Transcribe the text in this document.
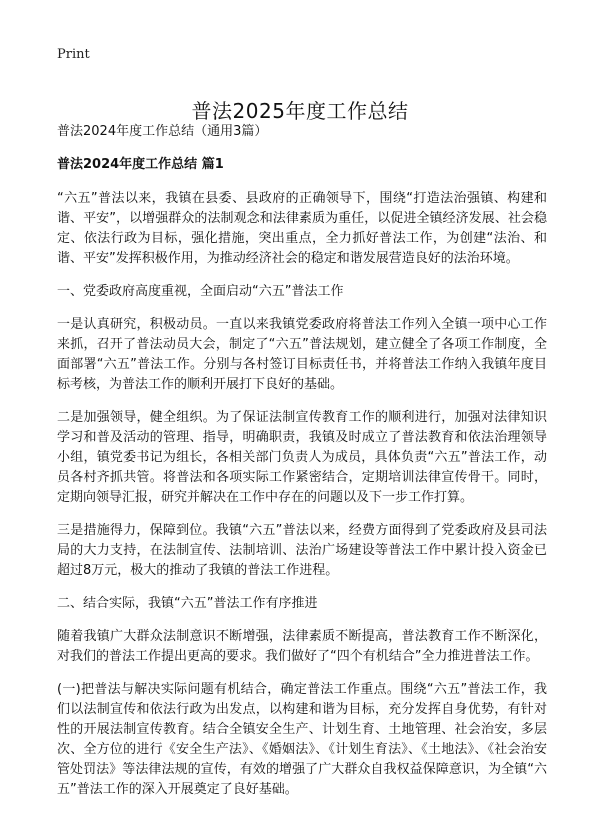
Print
普法2025年度工作总结

普法2024年度工作总结（通用3篇）

普法2024年度工作总结 篇1

“六五”普法以来，我镇在县委、县政府的正确领导下，围绕“打造法治强镇、构建和谐、平安”，以增强群众的法制观念和法律素质为重任，以促进全镇经济发展、社会稳定、依法行政为目标，强化措施，突出重点，全力抓好普法工作，为创建“法治、和谐、平安”发挥积极作用，为推动经济社会的稳定和谐发展营造良好的法治环境。

一、党委政府高度重视，全面启动“六五”普法工作

一是认真研究，积极动员。一直以来我镇党委政府将普法工作列入全镇一项中心工作来抓，召开了普法动员大会，制定了“六五”普法规划，建立健全了各项工作制度，全面部署“六五”普法工作。分别与各村签订目标责任书，并将普法工作纳入我镇年度目标考核，为普法工作的顺利开展打下良好的基础。

二是加强领导，健全组织。为了保证法制宣传教育工作的顺利进行，加强对法律知识学习和普及活动的管理、指导，明确职责，我镇及时成立了普法教育和依法治理领导小组，镇党委书记为组长，各相关部门负责人为成员，具体负责“六五”普法工作，动员各村齐抓共管。将普法和各项实际工作紧密结合，定期培训法律宣传骨干。同时，定期向领导汇报，研究并解决在工作中存在的问题以及下一步工作打算。

三是措施得力，保障到位。我镇“六五”普法以来，经费方面得到了党委政府及县司法局的大力支持，在法制宣传、法制培训、法治广场建设等普法工作中累计投入资金已超过8万元，极大的推动了我镇的普法工作进程。

二、结合实际，我镇“六五”普法工作有序推进

随着我镇广大群众法制意识不断增强，法律素质不断提高，普法教育工作不断深化，对我们的普法工作提出更高的要求。我们做好了“四个有机结合”全力推进普法工作。

(一)把普法与解决实际问题有机结合，确定普法工作重点。围绕“六五”普法工作，我们以法制宣传和依法行政为出发点，以构建和谐为目标，充分发挥自身优势，有针对性的开展法制宣传教育。结合全镇安全生产、计划生育、土地管理、社会治安，多层次、全方位的进行《安全生产法》、《婚姻法》、《计划生育法》、《土地法》、《社会治安管处罚法》等法律法规的宣传，有效的增强了广大群众自我权益保障意识，为全镇“六五”普法工作的深入开展奠定了良好基础。
